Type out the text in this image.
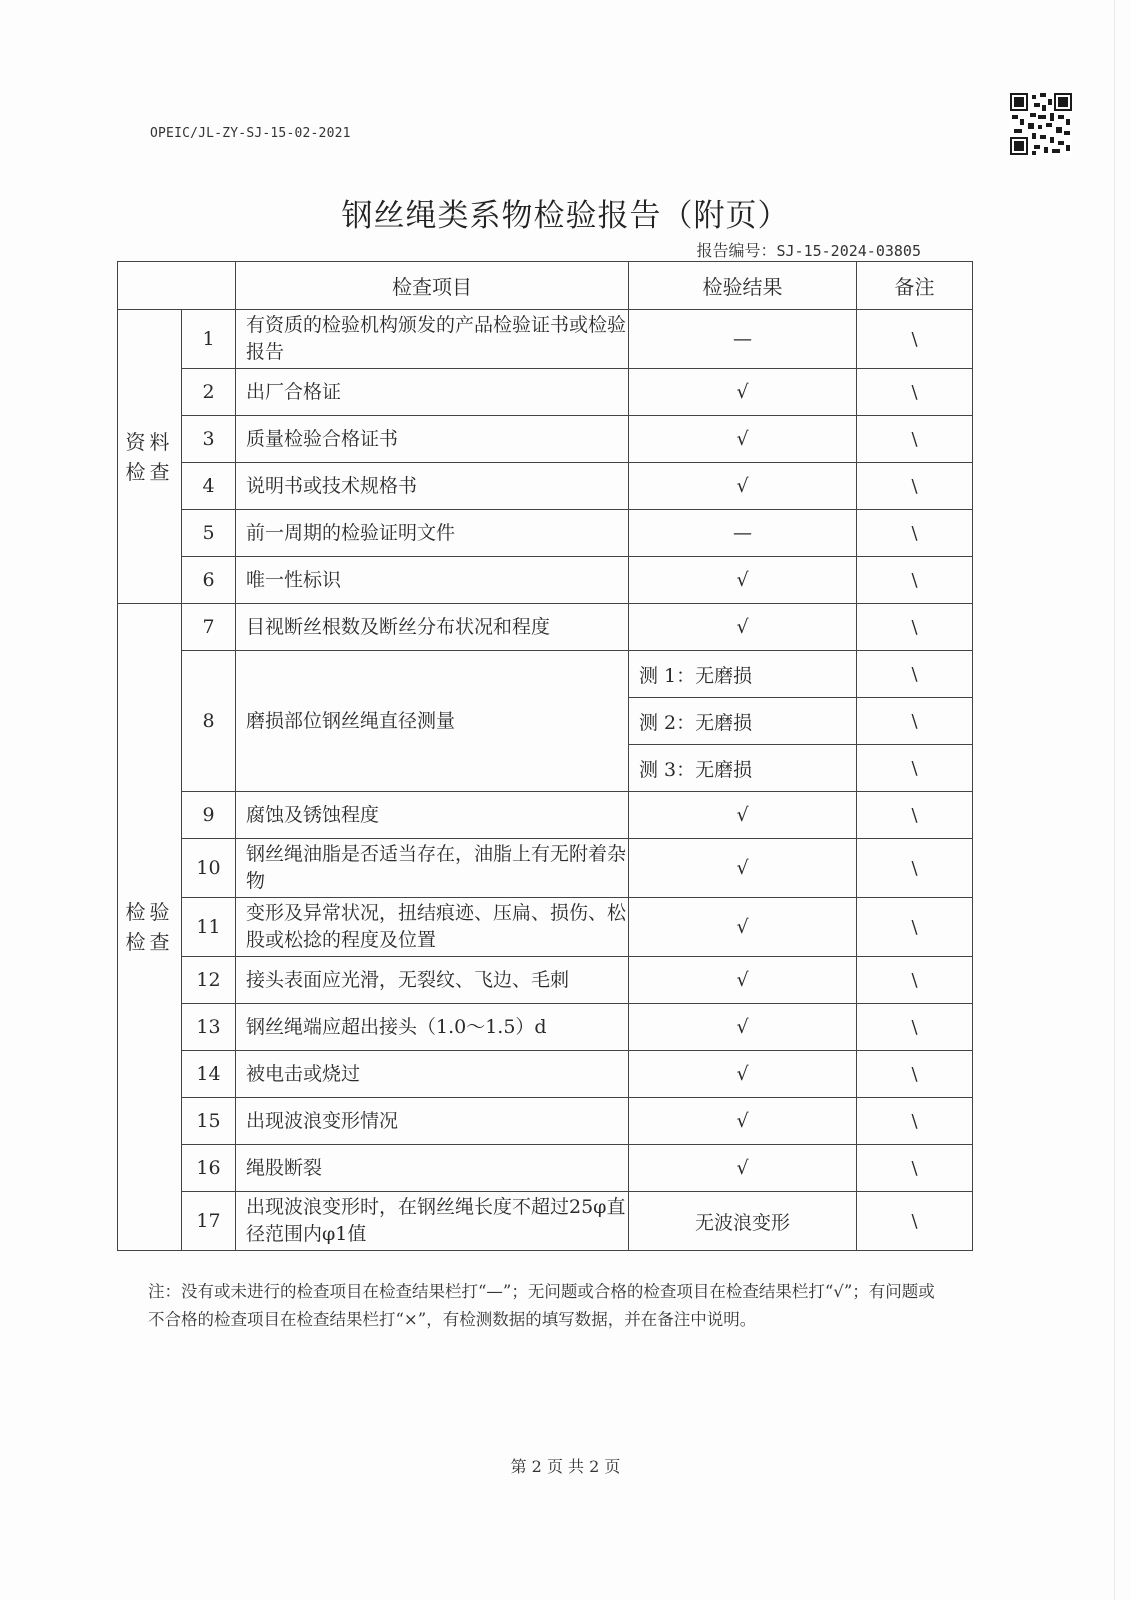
OPEIC/JL-ZY-SJ-15-02-2021
钢丝绳类系物检验报告（附页）
报告编号：SJ-15-2024-03805
		检查项目	检验结果	备注
资料检查	1	有资质的检验机构颁发的产品检验证书或检验报告	—	\
	2	出厂合格证	√	\
	3	质量检验合格证书	√	\
	4	说明书或技术规格书	√	\
	5	前一周期的检验证明文件	—	\
	6	唯一性标识	√	\
检验检查	7	目视断丝根数及断丝分布状况和程度	√	\
	8	磨损部位钢丝绳直径测量	测 1：无磨损	\
			测 2：无磨损	\
			测 3：无磨损	\
	9	腐蚀及锈蚀程度	√	\
	10	钢丝绳油脂是否适当存在，油脂上有无附着杂物	√	\
	11	变形及异常状况，扭结痕迹、压扁、损伤、松股或松捻的程度及位置	√	\
	12	接头表面应光滑，无裂纹、飞边、毛刺	√	\
	13	钢丝绳端应超出接头（1.0～1.5）d	√	\
	14	被电击或烧过	√	\
	15	出现波浪变形情况	√	\
	16	绳股断裂	√	\
	17	出现波浪变形时，在钢丝绳长度不超过25φ直径范围内φ1值	无波浪变形	\
注：没有或未进行的检查项目在检查结果栏打“—”；无问题或合格的检查项目在检查结果栏打“√”；有问题或不合格的检查项目在检查结果栏打“×”，有检测数据的填写数据，并在备注中说明。
第 2 页 共 2 页
